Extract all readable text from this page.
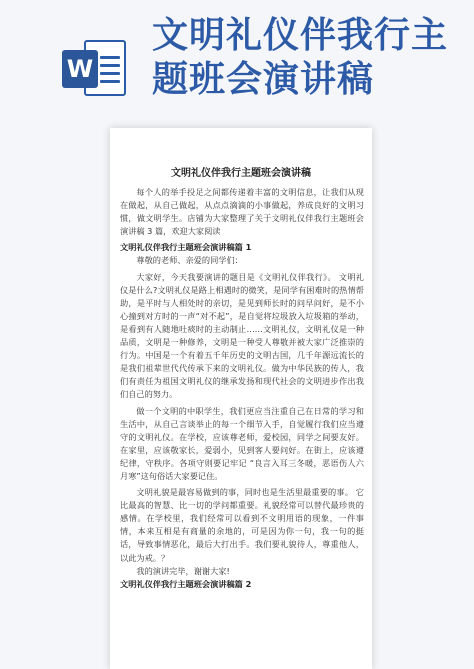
W
文明礼仪伴我行主
题班会演讲稿
文明礼仪伴我行主题班会演讲稿

每个人的举手投足之间都传递着丰富的文明信息，让我们从现在做起，从自己做起，从点点滴滴的小事做起，养成良好的文明习惯，做文明学生。店铺为大家整理了关于文明礼仪伴我行主题班会演讲稿 3 篇，欢迎大家阅读

文明礼仪伴我行主题班会演讲稿篇 1

尊敬的老师、亲爱的同学们：

大家好，今天我要演讲的题目是《文明礼仪伴我行》。 文明礼仪是什么?文明礼仪是路上相遇时的微笑，是同学有困难时的热情帮助，是平时与人相处时的亲切，是见到师长时的问早问好，是不小心撞到对方时的一声“对不起”，是自觉将垃圾放入垃圾箱的举动，是看到有人随地吐痰时的主动制止……文明礼仪，文明礼仪是一种品质，文明是一种修养，文明是一种受人尊敬并被大家广泛推崇的行为。中国是一个有着五千年历史的文明古国，几千年源远流长的是我们祖辈世代代传承下来的文明礼仪。做为中华民族的传人，我们有责任为祖国文明礼仪的继承发扬和现代社会的文明进步作出我们自己的努力。

做一个文明的中职学生，我们更应当注重自己在日常的学习和生活中，从自己言谈举止的每一个细节入手，自觉履行我们应当遵守的文明礼仪。在学校，应该尊老师，爱校园，同学之间要友好。在家里，应该敬家长，爱弱小，见到客人要问好。在街上，应该遵纪律，守秩序。各项守则要记牢记 “良言入耳三冬暖，恶语伤人六月寒”这句俗话大家要记住。

文明礼貌是最容易做到的事，同时也是生活里最重要的事。 它比最高的智慧、比一切的学问都重要。礼貌经常可以替代最珍贵的感情。在学校里，我们经常可以看到不文明用语的现象，一件事情，本来互相是有商量的余地的，可是因为你一句，我一句的挺话，导致事情恶化，最后大打出手。我们要礼貌待人，尊重他人，以此为戒。？

我的演讲完毕，谢谢大家!

文明礼仪伴我行主题班会演讲稿篇 2
